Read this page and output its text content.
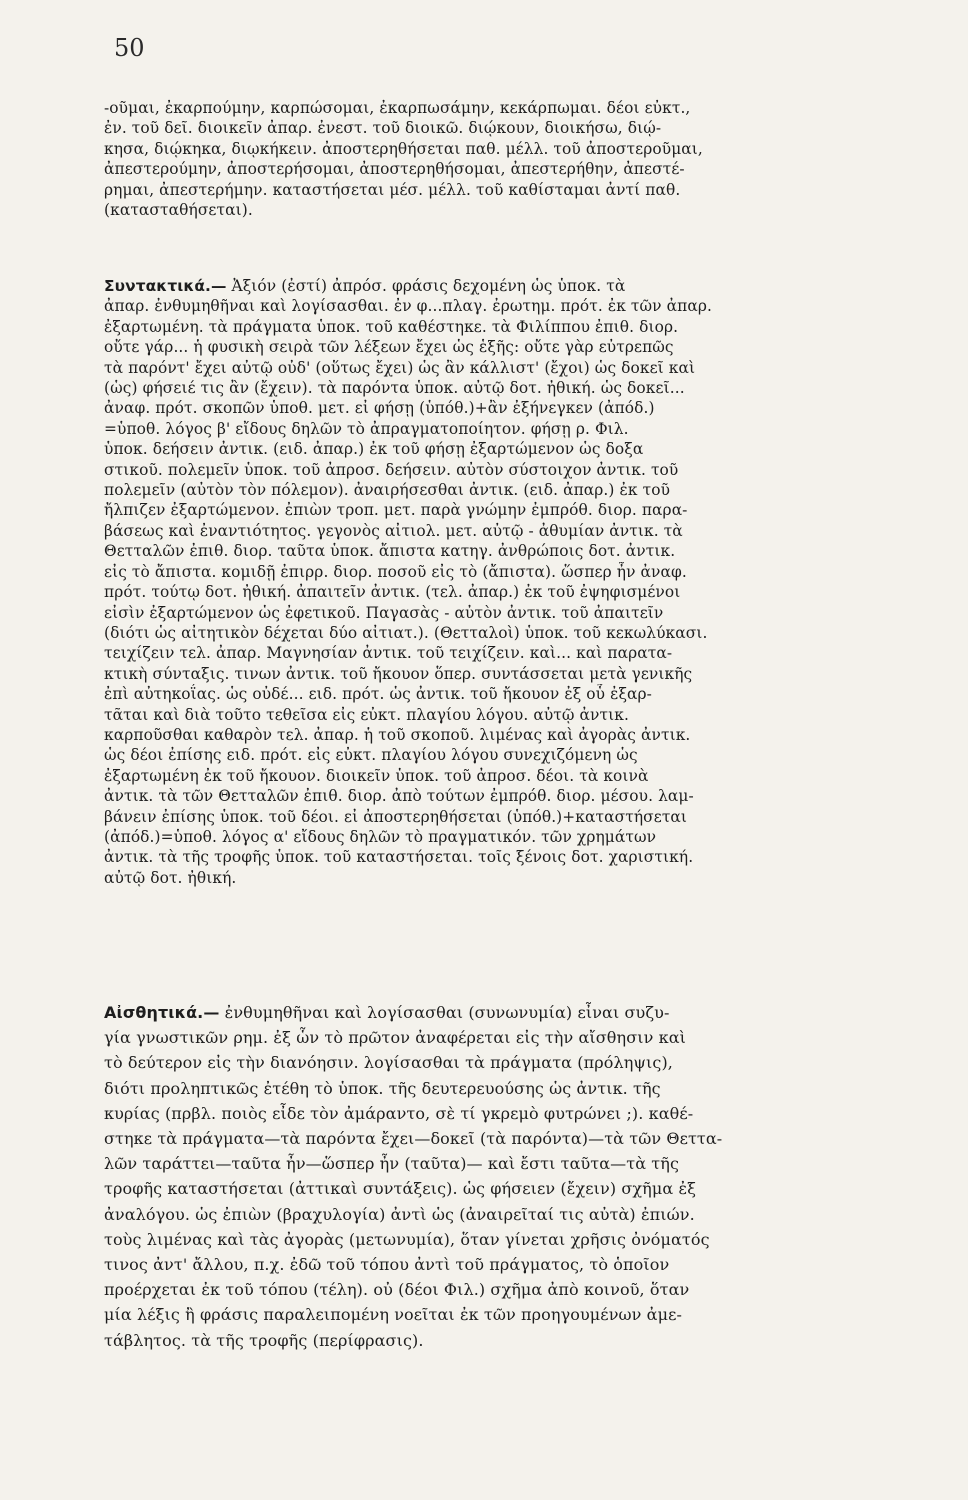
50
-οῦμαι, ἐκαρπούμην, καρπώσομαι, ἐκαρπωσάμην, κεκάρπωμαι. δέοι εὐκτ.,
ἐν. τοῦ δεῖ. διοικεῖν ἀπαρ. ἐνεστ. τοῦ διοικῶ. διῴκουν, διοικήσω, διῴ-
κησα, διῴκηκα, διῳκήκειν. ἀποστερηθήσεται παθ. μέλλ. τοῦ ἀποστεροῦμαι,
ἀπεστερούμην, ἀποστερήσομαι, ἀποστερηθήσομαι, ἀπεστερήθην, ἀπεστέ-
ρημαι, ἀπεστερήμην. καταστήσεται μέσ. μέλλ. τοῦ καθίσταμαι ἀντί παθ.
(κατασταθήσεται).
Συντακτικά.— Ἀξιόν (ἐστί) ἀπρόσ. φράσις δεχομένη ὡς ὑποκ. τὰ
ἀπαρ. ἐνθυμηθῆναι καὶ λογίσασθαι. ἐν φ...πλαγ. ἐρωτημ. πρότ. ἐκ τῶν ἀπαρ.
ἐξαρτωμένη. τὰ πράγματα ὑποκ. τοῦ καθέστηκε. τὰ Φιλίππου ἐπιθ. διορ.
οὔτε γάρ... ἡ φυσικὴ σειρὰ τῶν λέξεων ἔχει ὡς ἑξῆς: οὔτε γὰρ εὐτρεπῶς
τὰ παρόντ' ἔχει αὐτῷ οὐδ' (οὕτως ἔχει) ὡς ἂν κάλλιστ' (ἔχοι) ὡς δοκεῖ καὶ
(ὡς) φήσειέ τις ἂν (ἔχειν). τὰ παρόντα ὑποκ. αὐτῷ δοτ. ἠθική. ὡς δοκεῖ...
ἀναφ. πρότ. σκοπῶν ὑποθ. μετ. εἰ φήσῃ (ὑπόθ.)+ἂν ἐξήνεγκεν (ἀπόδ.)
=ὑποθ. λόγος β' εἴδους δηλῶν τὸ ἀπραγματοποίητον. φήσῃ ρ. Φιλ.
ὑποκ. δεήσειν ἀντικ. (ειδ. ἀπαρ.) ἐκ τοῦ φήσῃ ἐξαρτώμενον ὡς δοξα
στικοῦ. πολεμεῖν ὑποκ. τοῦ ἀπροσ. δεήσειν. αὐτὸν σύστοιχον ἀντικ. τοῦ
πολεμεῖν (αὐτὸν τὸν πόλεμον). ἀναιρήσεσθαι ἀντικ. (ειδ. ἀπαρ.) ἐκ τοῦ
ἤλπιζεν ἐξαρτώμενον. ἐπιὼν τροπ. μετ. παρὰ γνώμην ἐμπρόθ. διορ. παρα-
βάσεως καὶ ἐναντιότητος. γεγονὸς αἰτιολ. μετ. αὐτῷ - ἀθυμίαν ἀντικ. τὰ
Θετταλῶν ἐπιθ. διορ. ταῦτα ὑποκ. ἄπιστα κατηγ. ἀνθρώποις δοτ. ἀντικ.
εἰς τὸ ἄπιστα. κομιδῇ ἐπιρρ. διορ. ποσοῦ εἰς τὸ (ἄπιστα). ὥσπερ ἦν ἀναφ.
πρότ. τούτῳ δοτ. ἠθική. ἀπαιτεῖν ἀντικ. (τελ. ἀπαρ.) ἐκ τοῦ ἐψηφισμένοι
εἰσὶν ἐξαρτώμενον ὡς ἐφετικοῦ. Παγασὰς - αὐτὸν ἀντικ. τοῦ ἀπαιτεῖν
(διότι ὡς αἰτητικὸν δέχεται δύο αἰτιατ.). (Θετταλοὶ) ὑποκ. τοῦ κεκωλύκασι.
τειχίζειν τελ. ἀπαρ. Μαγνησίαν ἀντικ. τοῦ τειχίζειν. καὶ... καὶ παρατα-
κτικὴ σύνταξις. τινων ἀντικ. τοῦ ἤκουον ὅπερ. συντάσσεται μετὰ γενικῆς
ἐπὶ αὐτηκοΐας. ὡς οὐδέ... ειδ. πρότ. ὡς ἀντικ. τοῦ ἤκουον ἐξ οὗ ἐξαρ-
τᾶται καὶ διὰ τοῦτο τεθεῖσα εἰς εὐκτ. πλαγίου λόγου. αὐτῷ ἀντικ.
καρποῦσθαι καθαρὸν τελ. ἀπαρ. ἡ τοῦ σκοποῦ. λιμένας καὶ ἀγορὰς ἀντικ.
ὡς δέοι ἐπίσης ειδ. πρότ. εἰς εὐκτ. πλαγίου λόγου συνεχιζόμενη ὡς
ἐξαρτωμένη ἐκ τοῦ ἤκουον. διοικεῖν ὑποκ. τοῦ ἀπροσ. δέοι. τὰ κοινὰ
ἀντικ. τὰ τῶν Θετταλῶν ἐπιθ. διορ. ἀπὸ τούτων ἐμπρόθ. διορ. μέσου. λαμ-
βάνειν ἐπίσης ὑποκ. τοῦ δέοι. εἰ ἀποστερηθήσεται (ὑπόθ.)+καταστήσεται
(ἀπόδ.)=ὑποθ. λόγος α' εἴδους δηλῶν τὸ πραγματικόν. τῶν χρημάτων
ἀντικ. τὰ τῆς τροφῆς ὑποκ. τοῦ καταστήσεται. τοῖς ξένοις δοτ. χαριστική.
αὐτῷ δοτ. ἠθική.
Αἰσθητικά.— ἐνθυμηθῆναι καὶ λογίσασθαι (συνωνυμία) εἶναι συζυ-
γία γνωστικῶν ρημ. ἐξ ὧν τὸ πρῶτον ἀναφέρεται εἰς τὴν αἴσθησιν καὶ
τὸ δεύτερον εἰς τὴν διανόησιν. λογίσασθαι τὰ πράγματα (πρόληψις),
διότι προληπτικῶς ἐτέθη τὸ ὑποκ. τῆς δευτερευούσης ὡς ἀντικ. τῆς
κυρίας (πρβλ. ποιὸς εἶδε τὸν ἀμάραντο, σὲ τί γκρεμὸ φυτρώνει ;). καθέ-
στηκε τὰ πράγματα—τὰ παρόντα ἔχει—δοκεῖ (τὰ παρόντα)—τὰ τῶν Θεττα-
λῶν ταράττει—ταῦτα ἦν—ὥσπερ ἦν (ταῦτα)— καὶ ἔστι ταῦτα—τὰ τῆς
τροφῆς καταστήσεται (ἀττικαὶ συντάξεις). ὡς φήσειεν (ἔχειν) σχῆμα ἐξ
ἀναλόγου. ὡς ἐπιὼν (βραχυλογία) ἀντὶ ὡς (ἀναιρεῖταί τις αὐτὰ) ἐπιών.
τοὺς λιμένας καὶ τὰς ἀγορὰς (μετωνυμία), ὅταν γίνεται χρῆσις ὀνόματός
τινος ἀντ' ἄλλου, π.χ. ἐδῶ τοῦ τόπου ἀντὶ τοῦ πράγματος, τὸ ὁποῖον
προέρχεται ἐκ τοῦ τόπου (τέλη). οὐ (δέοι Φιλ.) σχῆμα ἀπὸ κοινοῦ, ὅταν
μία λέξις ἢ φράσις παραλειπομένη νοεῖται ἐκ τῶν προηγουμένων ἀμε-
τάβλητος. τὰ τῆς τροφῆς (περίφρασις).
